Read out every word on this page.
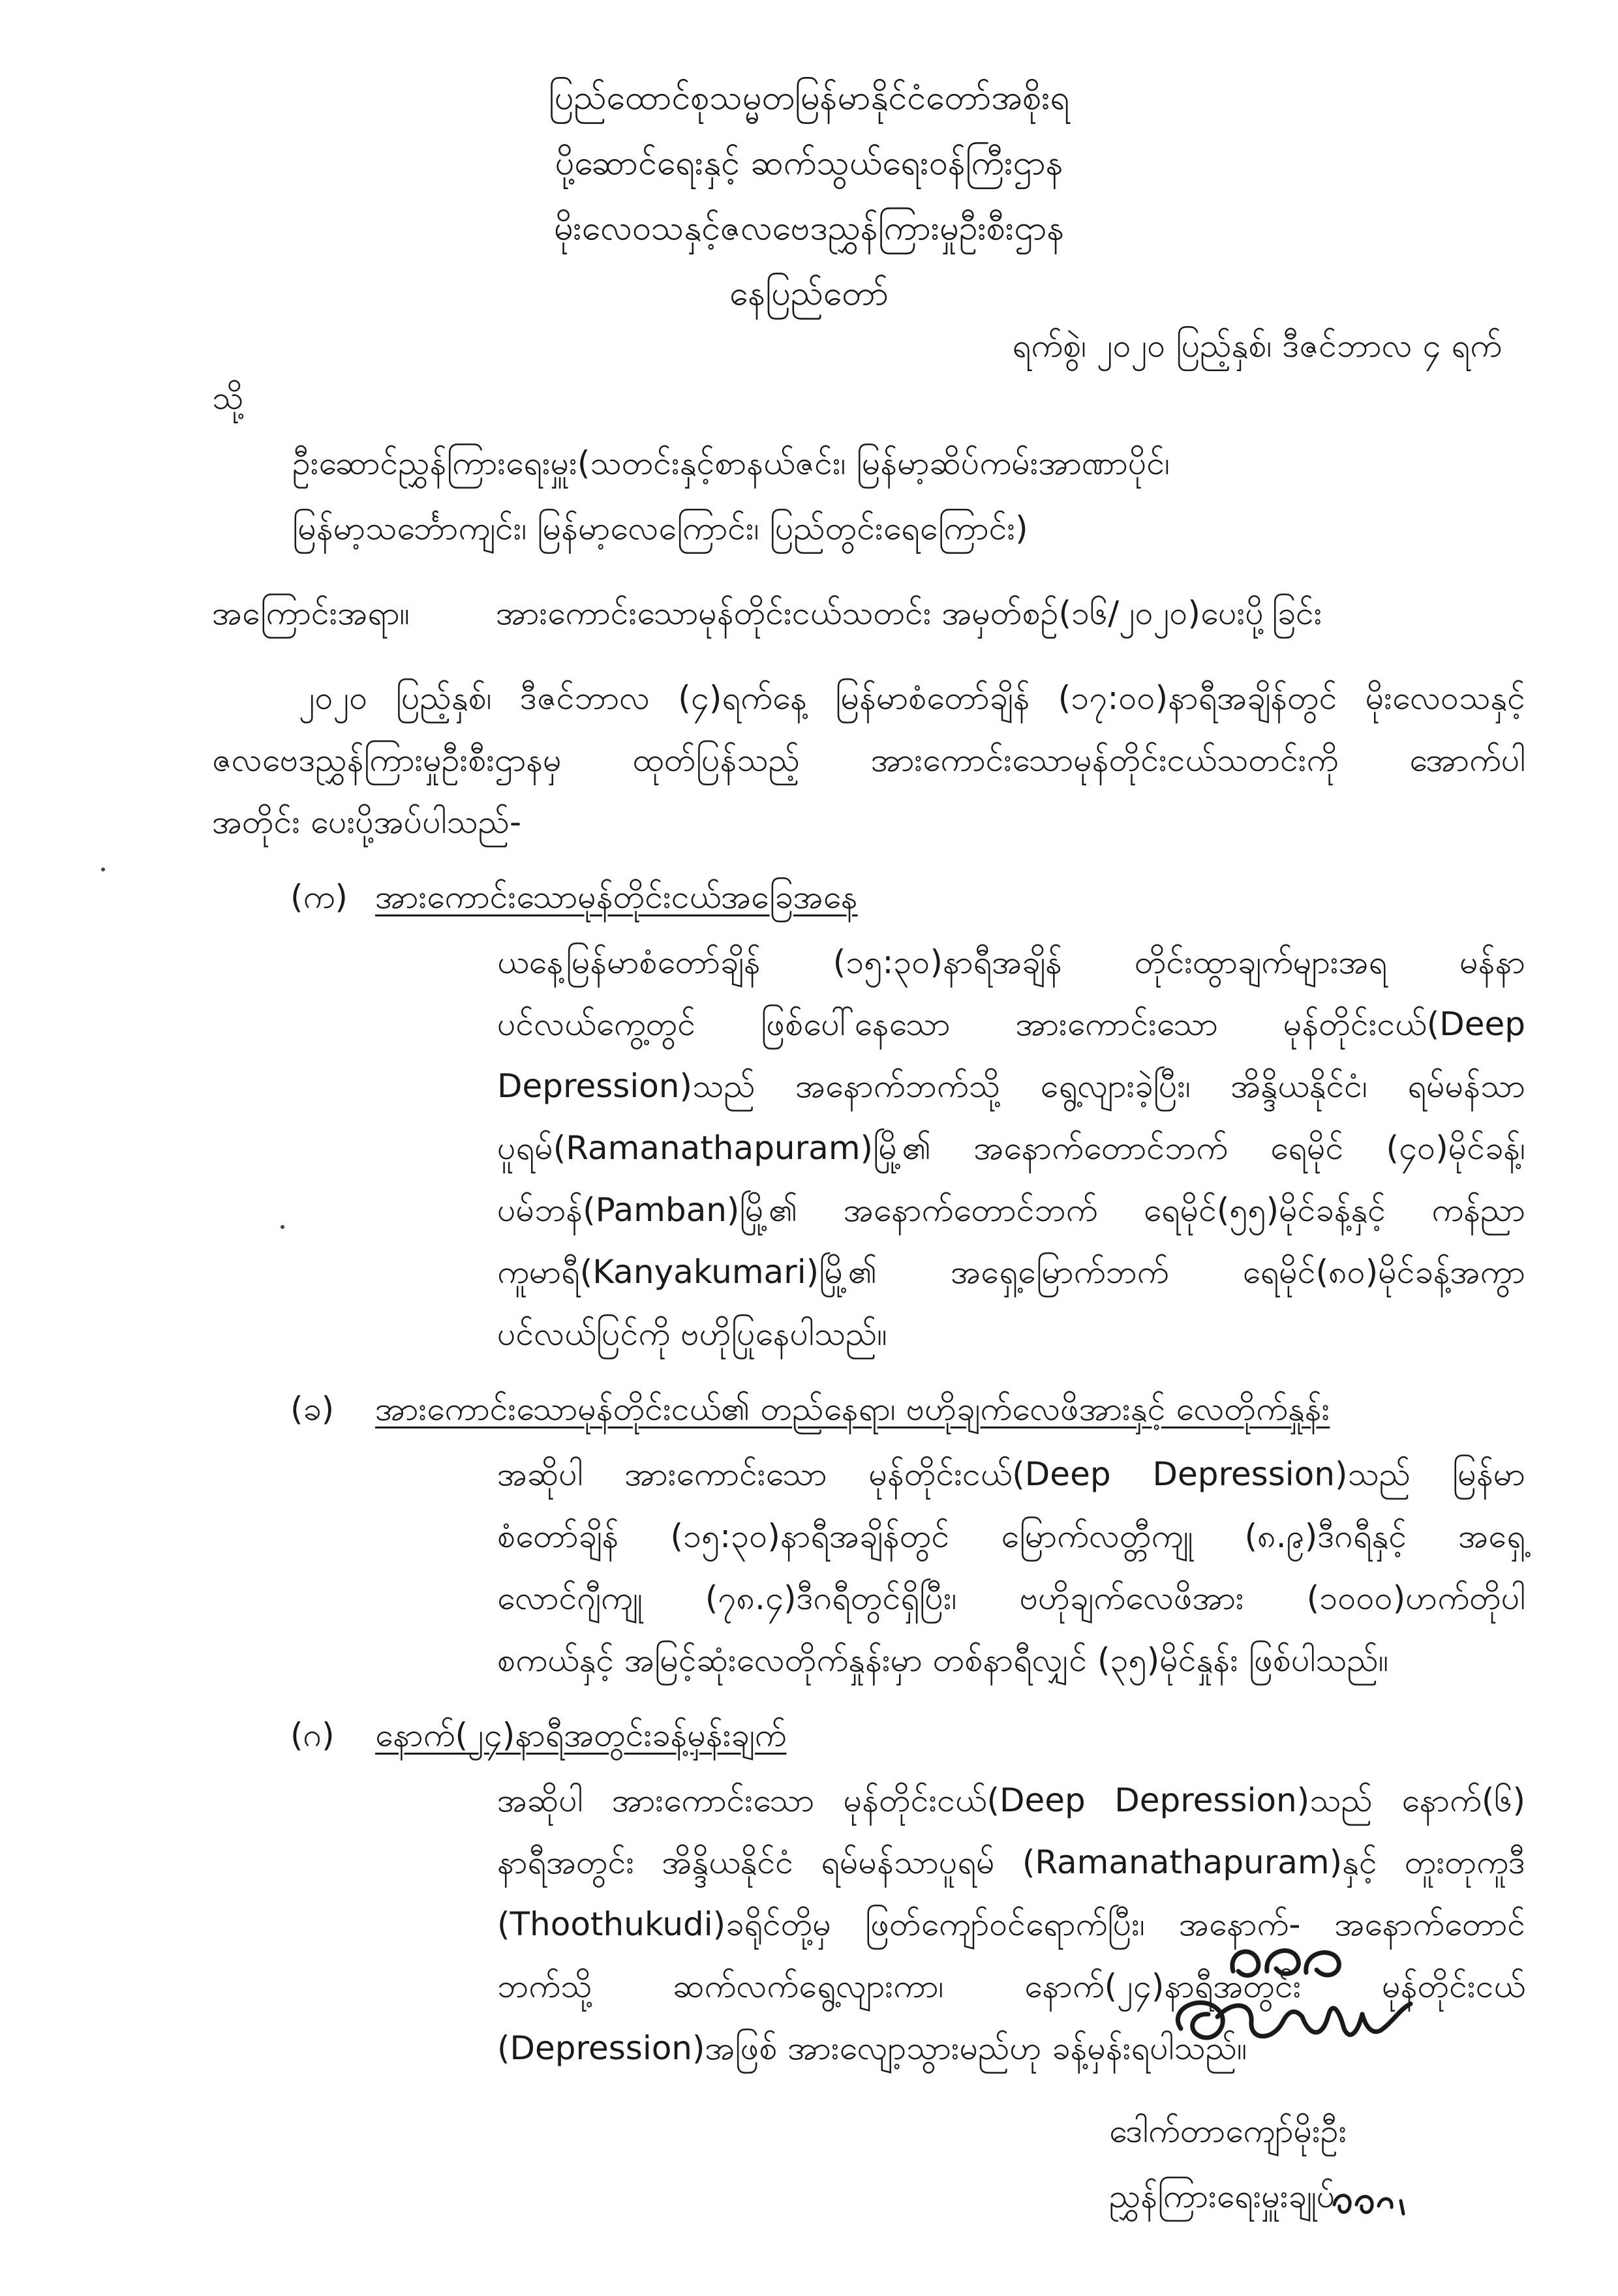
ပြည်ထောင်စုသမ္မတမြန်မာနိုင်ငံတော်အစိုးရ
ပို့ဆောင်ရေးနှင့် ဆက်သွယ်ရေးဝန်ကြီးဌာန
မိုးလေဝသနှင့်ဇလဗေဒညွှန်ကြားမှုဦးစီးဌာန
နေပြည်တော်
ရက်စွဲ၊ ၂၀၂၀ ပြည့်နှစ်၊ ဒီဇင်ဘာလ ၄ ရက်
သို့
ဦးဆောင်ညွှန်ကြားရေးမှူး(သတင်းနှင့်စာနယ်ဇင်း၊ မြန်မာ့ဆိပ်ကမ်းအာဏာပိုင်၊
မြန်မာ့သင်္ဘောကျင်း၊ မြန်မာ့လေကြောင်း၊ ပြည်တွင်းရေကြောင်း)
အကြောင်းအရာ။	အားကောင်းသောမုန်တိုင်းငယ်သတင်း အမှတ်စဉ်(၁၆/၂၀၂၀)ပေးပို့ခြင်း
၂၀၂၀ ပြည့်နှစ်၊ ဒီဇင်ဘာလ (၄)ရက်နေ့ မြန်မာစံတော်ချိန် (၁၇:၀၀)နာရီအချိန်တွင် မိုးလေဝသနှင့်
ဇလဗေဒညွှန်ကြားမှုဦးစီးဌာနမှ ထုတ်ပြန်သည့် အားကောင်းသောမုန်တိုင်းငယ်သတင်းကို အောက်ပါ
အတိုင်း ပေးပို့အပ်ပါသည်-
(က) အားကောင်းသောမုန်တိုင်းငယ်အခြေအနေ
ယနေ့မြန်မာစံတော်ချိန် (၁၅:၃၀)နာရီအချိန် တိုင်းထွာချက်များအရ မန်နာ
ပင်လယ်ကွေ့တွင် ဖြစ်ပေါ်နေသော အားကောင်းသော မုန်တိုင်းငယ်(Deep
Depression)သည် အနောက်ဘက်သို့ ရွေ့လျားခဲ့ပြီး၊ အိန္ဒိယနိုင်ငံ၊ ရမ်မန်သာ
ပူရမ်(Ramanathapuram)မြို့၏ အနောက်တောင်ဘက် ရေမိုင် (၄၀)မိုင်ခန့်၊
ပမ်ဘန်(Pamban)မြို့၏ အနောက်တောင်ဘက် ရေမိုင်(၅၅)မိုင်ခန့်နှင့် ကန်ညာ
ကူမာရီ(Kanyakumari)မြို့၏ အရှေ့မြောက်ဘက် ရေမိုင်(၈၀)မိုင်ခန့်အကွာ
ပင်လယ်ပြင်ကို ဗဟိုပြုနေပါသည်။
(ခ) အားကောင်းသောမုန်တိုင်းငယ်၏ တည်နေရာ၊ ဗဟိုချက်လေဖိအားနှင့် လေတိုက်နှုန်း
အဆိုပါ အားကောင်းသော မုန်တိုင်းငယ်(Deep Depression)သည် မြန်မာ
စံတော်ချိန် (၁၅:၃၀)နာရီအချိန်တွင် မြောက်လတ္တီကျု (၈.၉)ဒီဂရီနှင့် အရှေ့
လောင်ဂျီကျု (၇၈.၄)ဒီဂရီတွင်ရှိပြီး၊ ဗဟိုချက်လေဖိအား (၁၀၀၀)ဟက်တိုပါ
စကယ်နှင့် အမြင့်ဆုံးလေတိုက်နှုန်းမှာ တစ်နာရီလျှင် (၃၅)မိုင်နှုန်း ဖြစ်ပါသည်။
(ဂ) နောက်(၂၄)နာရီအတွင်းခန့်မှန်းချက်
အဆိုပါ အားကောင်းသော မုန်တိုင်းငယ်(Deep Depression)သည် နောက်(၆)
နာရီအတွင်း အိန္ဒိယနိုင်ငံ ရမ်မန်သာပူရမ် (Ramanathapuram)နှင့် တူးတုကူဒီ
(Thoothukudi)ခရိုင်တို့မှ ဖြတ်ကျော်ဝင်ရောက်ပြီး၊ အနောက်- အနောက်တောင်
ဘက်သို့ ဆက်လက်ရွေ့လျားကာ၊ နောက်(၂၄)နာရီအတွင်း မုန်တိုင်းငယ်
(Depression)အဖြစ် အားလျော့သွားမည်ဟု ခန့်မှန်းရပါသည်။
ဒေါက်တာကျော်မိုးဦး
ညွှန်ကြားရေးမှူးချုပ်
